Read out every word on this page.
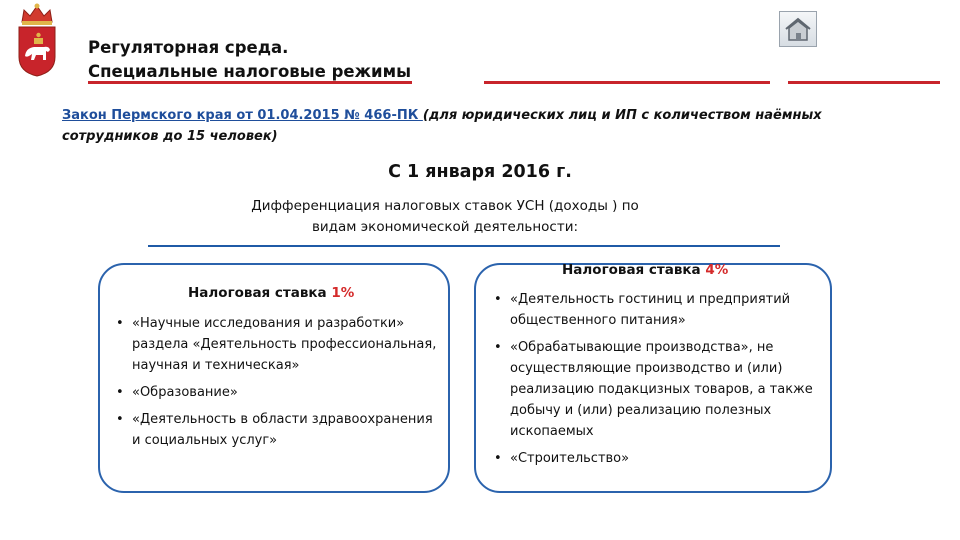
Регуляторная среда.
Специальные налоговые режимы
Закон Пермского края от 01.04.2015 № 466-ПК (для юридических лиц и ИП с количеством наёмных сотрудников до 15 человек)
С 1 января 2016 г.
Дифференциация налоговых ставок УСН (доходы ) по
видам экономической деятельности:
Налоговая ставка 1%
• «Научные исследования и разработки» раздела «Деятельность профессиональная, научная и техническая»
• «Образование»
• «Деятельность в области здравоохранения и социальных услуг»
Налоговая ставка 4%
• «Деятельность гостиниц и предприятий общественного питания»
• «Обрабатывающие производства», не осуществляющие производство и (или) реализацию подакцизных товаров, а также добычу и (или) реализацию полезных ископаемых
• «Строительство»
